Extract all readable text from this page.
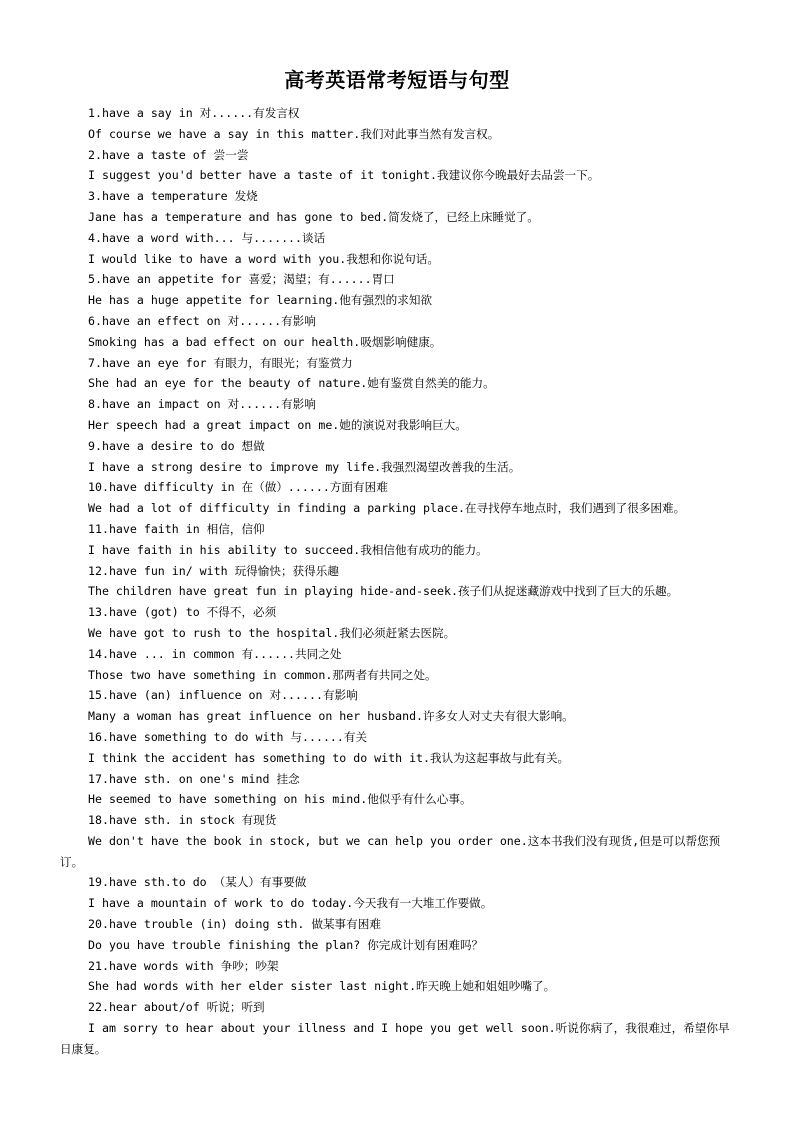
高考英语常考短语与句型
1.have a say in 对......有发言权
Of course we have a say in this matter.我们对此事当然有发言权。
2.have a taste of 尝一尝
I suggest you'd better have a taste of it tonight.我建议你今晚最好去品尝一下。
3.have a temperature 发烧
Jane has a temperature and has gone to bed.简发烧了，已经上床睡觉了。
4.have a word with... 与.......谈话
I would like to have a word with you.我想和你说句话。
5.have an appetite for 喜爱；渴望；有......胃口
He has a huge appetite for learning.他有强烈的求知欲
6.have an effect on 对......有影响
Smoking has a bad effect on our health.吸烟影响健康。
7.have an eye for 有眼力，有眼光；有鉴赏力
She had an eye for the beauty of nature.她有鉴赏自然美的能力。
8.have an impact on 对......有影响
Her speech had a great impact on me.她的演说对我影响巨大。
9.have a desire to do 想做
I have a strong desire to improve my life.我强烈渴望改善我的生活。
10.have difficulty in 在（做）......方面有困难
We had a lot of difficulty in finding a parking place.在寻找停车地点时，我们遇到了很多困难。
11.have faith in 相信，信仰
I have faith in his ability to succeed.我相信他有成功的能力。
12.have fun in/ with 玩得愉快；获得乐趣
The children have great fun in playing hide-and-seek.孩子们从捉迷藏游戏中找到了巨大的乐趣。
13.have (got) to 不得不，必须
We have got to rush to the hospital.我们必须赶紧去医院。
14.have ... in common 有......共同之处
Those two have something in common.那两者有共同之处。
15.have (an) influence on 对......有影响
Many a woman has great influence on her husband.许多女人对丈夫有很大影响。
16.have something to do with 与......有关
I think the accident has something to do with it.我认为这起事故与此有关。
17.have sth. on one's mind 挂念
He seemed to have something on his mind.他似乎有什么心事。
18.have sth. in stock 有现货
We don't have the book in stock, but we can help you order one.这本书我们没有现货,但是可以帮您预订。
19.have sth.to do （某人）有事要做
I have a mountain of work to do today.今天我有一大堆工作要做。
20.have trouble (in) doing sth. 做某事有困难
Do you have trouble finishing the plan? 你完成计划有困难吗？
21.have words with 争吵；吵架
She had words with her elder sister last night.昨天晚上她和姐姐吵嘴了。
22.hear about/of 听说；听到
I am sorry to hear about your illness and I hope you get well soon.听说你病了，我很难过，希望你早日康复。
